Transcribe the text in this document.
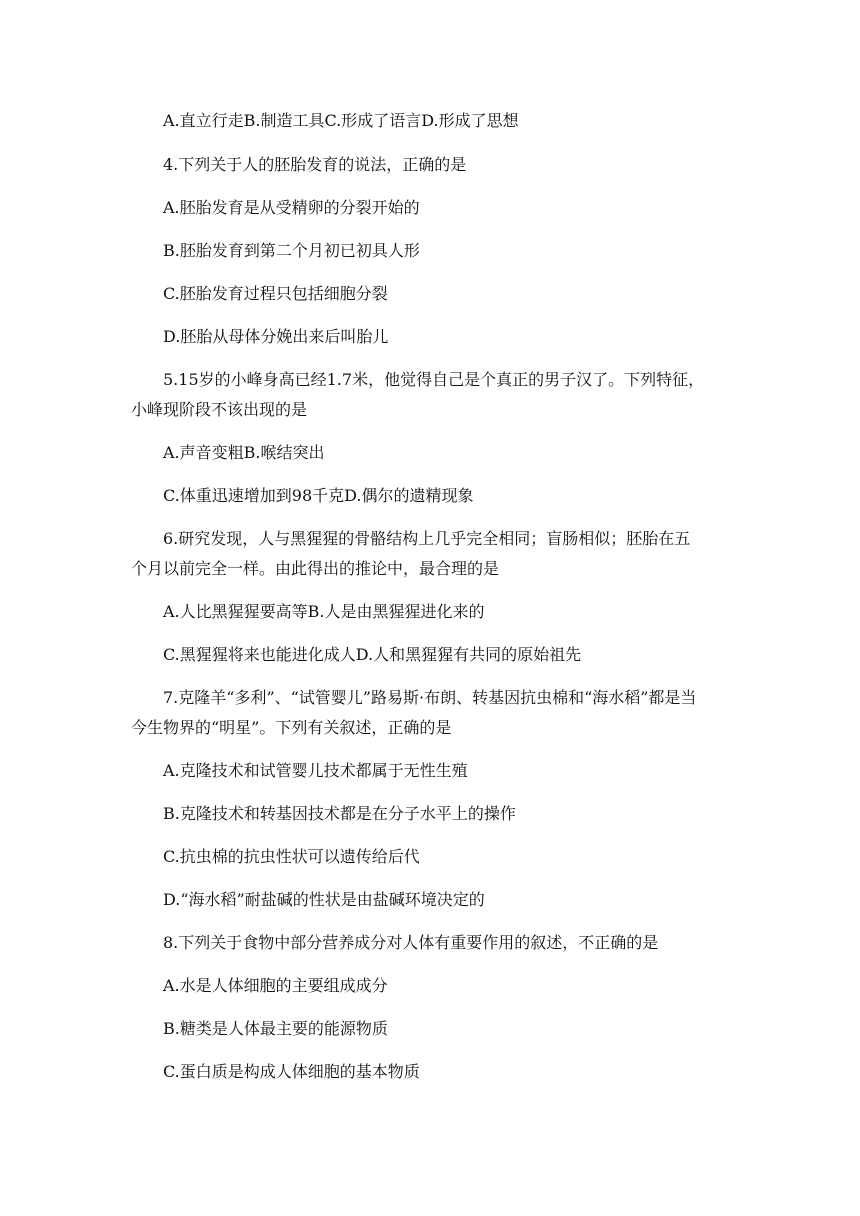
A.直立行走B.制造工具C.形成了语言D.形成了思想
4.下列关于人的胚胎发育的说法，正确的是
A.胚胎发育是从受精卵的分裂开始的
B.胚胎发育到第二个月初已初具人形
C.胚胎发育过程只包括细胞分裂
D.胚胎从母体分娩出来后叫胎儿
5.15岁的小峰身高已经1.7米，他觉得自己是个真正的男子汉了。下列特征，
小峰现阶段不该出现的是
A.声音变粗B.喉结突出
C.体重迅速增加到98千克D.偶尔的遗精现象
6.研究发现，人与黑猩猩的骨骼结构上几乎完全相同；盲肠相似；胚胎在五
个月以前完全一样。由此得出的推论中，最合理的是
A.人比黑猩猩要高等B.人是由黑猩猩进化来的
C.黑猩猩将来也能进化成人D.人和黑猩猩有共同的原始祖先
7.克隆羊“多利”、“试管婴儿”路易斯·布朗、转基因抗虫棉和“海水稻”都是当
今生物界的“明星”。下列有关叙述，正确的是
A.克隆技术和试管婴儿技术都属于无性生殖
B.克隆技术和转基因技术都是在分子水平上的操作
C.抗虫棉的抗虫性状可以遗传给后代
D.“海水稻”耐盐碱的性状是由盐碱环境决定的
8.下列关于食物中部分营养成分对人体有重要作用的叙述，不正确的是
A.水是人体细胞的主要组成成分
B.糖类是人体最主要的能源物质
C.蛋白质是构成人体细胞的基本物质
